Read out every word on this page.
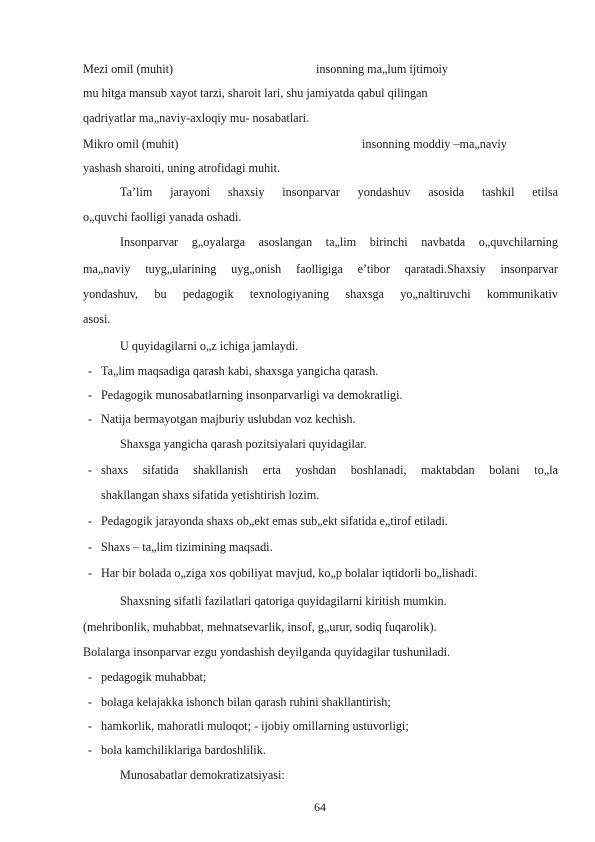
Mezi omil (muhit)	insonning ma„lum ijtimoiy
mu hitga mansub xayot tarzi, sharoit lari, shu jamiyatda qabul qilingan
qadriyatlar ma„naviy-axloqiy mu- nosabatlari.
Mikro omil (muhit)	insonning moddiy –ma„naviy
yashash sharoiti, uning atrofidagi muhit.
Ta’lim jarayoni shaxsiy insonparvar yondashuv asosida tashkil etilsa
o„quvchi faolligi yanada oshadi.
Insonparvar g„oyalarga asoslangan ta„lim birinchi navbatda o„quvchilarning
ma„naviy tuyg„ularining uyg„onish faolligiga e’tibor qaratadi.Shaxsiy insonparvar
yondashuv, bu pedagogik texnologiyaning shaxsga yo„naltiruvchi kommunikativ
asosi.
U quyidagilarni o„z ichiga jamlaydi.
- Ta„lim maqsadiga qarash kabi, shaxsga yangicha qarash.
- Pedagogik munosabatlarning insonparvarligi va demokratligi.
- Natija bermayotgan majburiy uslubdan voz kechish.
Shaxsga yangicha qarash pozitsiyalari quyidagilar.
- shaxs sifatida shakllanish erta yoshdan boshlanadi, maktabdan bolani to„la
shakllangan shaxs sifatida yetishtirish lozim.
- Pedagogik jarayonda shaxs ob„ekt emas sub„ekt sifatida e„tirof etiladi.
- Shaxs – ta„lim tizimining maqsadi.
- Har bir bolada o„ziga xos qobiliyat mavjud, ko„p bolalar iqtidorli bo„lishadi.
Shaxsning sifatli fazilatlari qatoriga quyidagilarni kiritish mumkin.
(mehribonlik, muhabbat, mehnatsevarlik, insof, g„urur, sodiq fuqarolik).
Bolalarga insonparvar ezgu yondashish deyilganda quyidagilar tushuniladi.
- pedagogik muhabbat;
- bolaga kelajakka ishonch bilan qarash ruhini shakllantirish;
- hamkorlik, mahoratli muloqot; - ijobiy omillarning ustuvorligi;
- bola kamchiliklariga bardoshlilik.
Munosabatlar demokratizatsiyasi:
64
